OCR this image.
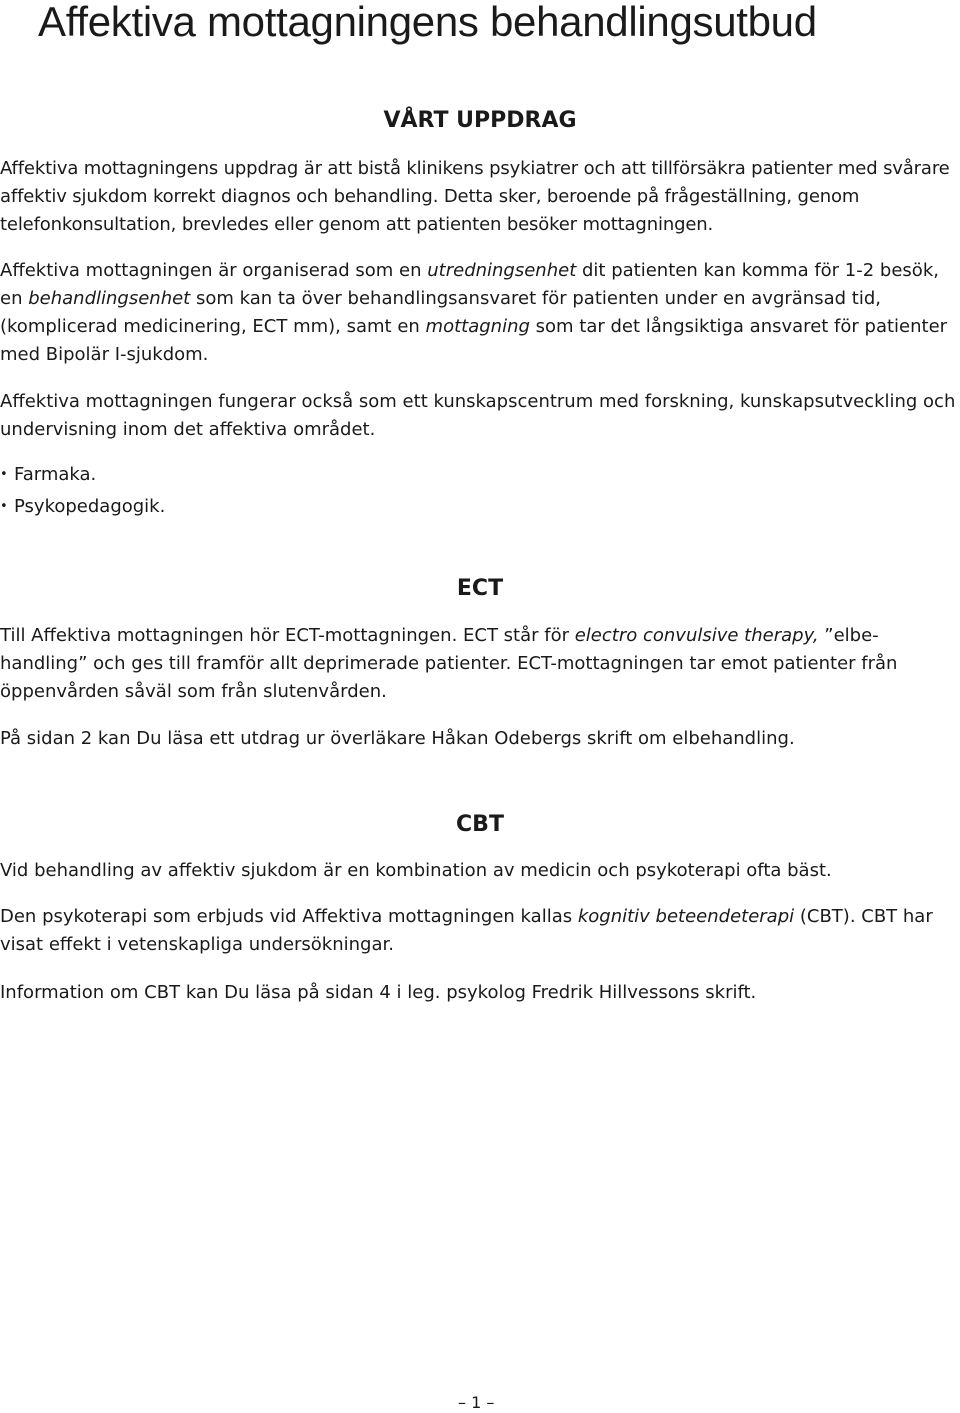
Affektiva mottagningens behandlingsutbud
VÅRT UPPDRAG

Affektiva mottagningens uppdrag är att bistå klinikens psykiatrer och att tillförsäkra patienter med svårare affektiv sjukdom korrekt diagnos och behandling. Detta sker, beroende på frågeställning, genom telefonkonsultation, brevledes eller genom att patienten besöker mottagningen.

Affektiva mottagningen är organiserad som en utredningsenhet dit patienten kan komma för 1-2 besök, en behandlingsenhet som kan ta över behandlingsansvaret för patienten under en avgränsad tid, (komplicerad medicinering, ECT mm), samt en mottagning som tar det långsiktiga ansvaret för patienter med Bipolär I-sjukdom.

Affektiva mottagningen fungerar också som ett kunskapscentrum med forskning, kunskapsutveckling och undervisning inom det affektiva området.

• Farmaka.
• Psykopedagogik.
ECT

Till Affektiva mottagningen hör ECT-mottagningen. ECT står för electro convulsive therapy, ”elbe-handling” och ges till framför allt deprimerade patienter. ECT-mottagningen tar emot patienter från öppenvården såväl som från slutenvården.

På sidan 2 kan Du läsa ett utdrag ur överläkare Håkan Odebergs skrift om elbehandling.

CBT

Vid behandling av affektiv sjukdom är en kombination av medicin och psykoterapi ofta bäst.

Den psykoterapi som erbjuds vid Affektiva mottagningen kallas kognitiv beteendeterapi (CBT). CBT har visat effekt i vetenskapliga undersökningar.

Information om CBT kan Du läsa på sidan 4 i leg. psykolog Fredrik Hillvessons skrift.

– 1 –
